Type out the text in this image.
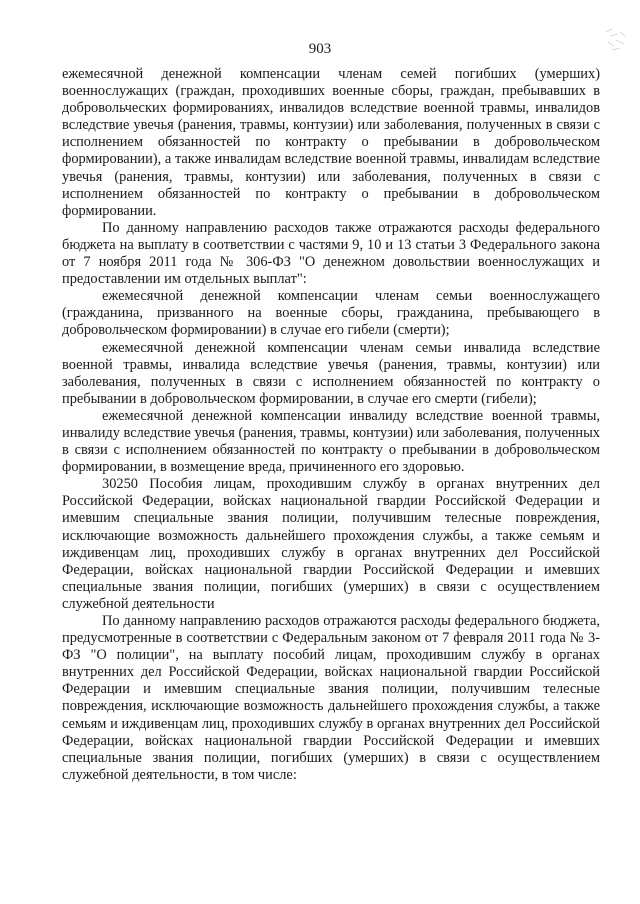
903

ежемесячной денежной компенсации членам семей погибших (умерших) военнослужащих (граждан, проходивших военные сборы, граждан, пребывавших в добровольческих формированиях, инвалидов вследствие военной травмы, инвалидов вследствие увечья (ранения, травмы, контузии) или заболевания, полученных в связи с исполнением обязанностей по контракту о пребывании в добровольческом формировании), а также инвалидам вследствие военной травмы, инвалидам вследствие увечья (ранения, травмы, контузии) или заболевания, полученных в связи с исполнением обязанностей по контракту о пребывании в добровольческом формировании.

По данному направлению расходов также отражаются расходы федерального бюджета на выплату в соответствии с частями 9, 10 и 13 статьи 3 Федерального закона от 7 ноября 2011 года № 306-ФЗ "О денежном довольствии военнослужащих и предоставлении им отдельных выплат":

ежемесячной денежной компенсации членам семьи военнослужащего (гражданина, призванного на военные сборы, гражданина, пребывающего в добровольческом формировании) в случае его гибели (смерти);

ежемесячной денежной компенсации членам семьи инвалида вследствие военной травмы, инвалида вследствие увечья (ранения, травмы, контузии) или заболевания, полученных в связи с исполнением обязанностей по контракту о пребывании в добровольческом формировании, в случае его смерти (гибели);

ежемесячной денежной компенсации инвалиду вследствие военной травмы, инвалиду вследствие увечья (ранения, травмы, контузии) или заболевания, полученных в связи с исполнением обязанностей по контракту о пребывании в добровольческом формировании, в возмещение вреда, причиненного его здоровью.

30250 Пособия лицам, проходившим службу в органах внутренних дел Российской Федерации, войсках национальной гвардии Российской Федерации и имевшим специальные звания полиции, получившим телесные повреждения, исключающие возможность дальнейшего прохождения службы, а также семьям и иждивенцам лиц, проходивших службу в органах внутренних дел Российской Федерации, войсках национальной гвардии Российской Федерации и имевших специальные звания полиции, погибших (умерших) в связи с осуществлением служебной деятельности

По данному направлению расходов отражаются расходы федерального бюджета, предусмотренные в соответствии с Федеральным законом от 7 февраля 2011 года № 3-ФЗ "О полиции", на выплату пособий лицам, проходившим службу в органах внутренних дел Российской Федерации, войсках национальной гвардии Российской Федерации и имевшим специальные звания полиции, получившим телесные повреждения, исключающие возможность дальнейшего прохождения службы, а также семьям и иждивенцам лиц, проходивших службу в органах внутренних дел Российской Федерации, войсках национальной гвардии Российской Федерации и имевших специальные звания полиции, погибших (умерших) в связи с осуществлением служебной деятельности, в том числе:
